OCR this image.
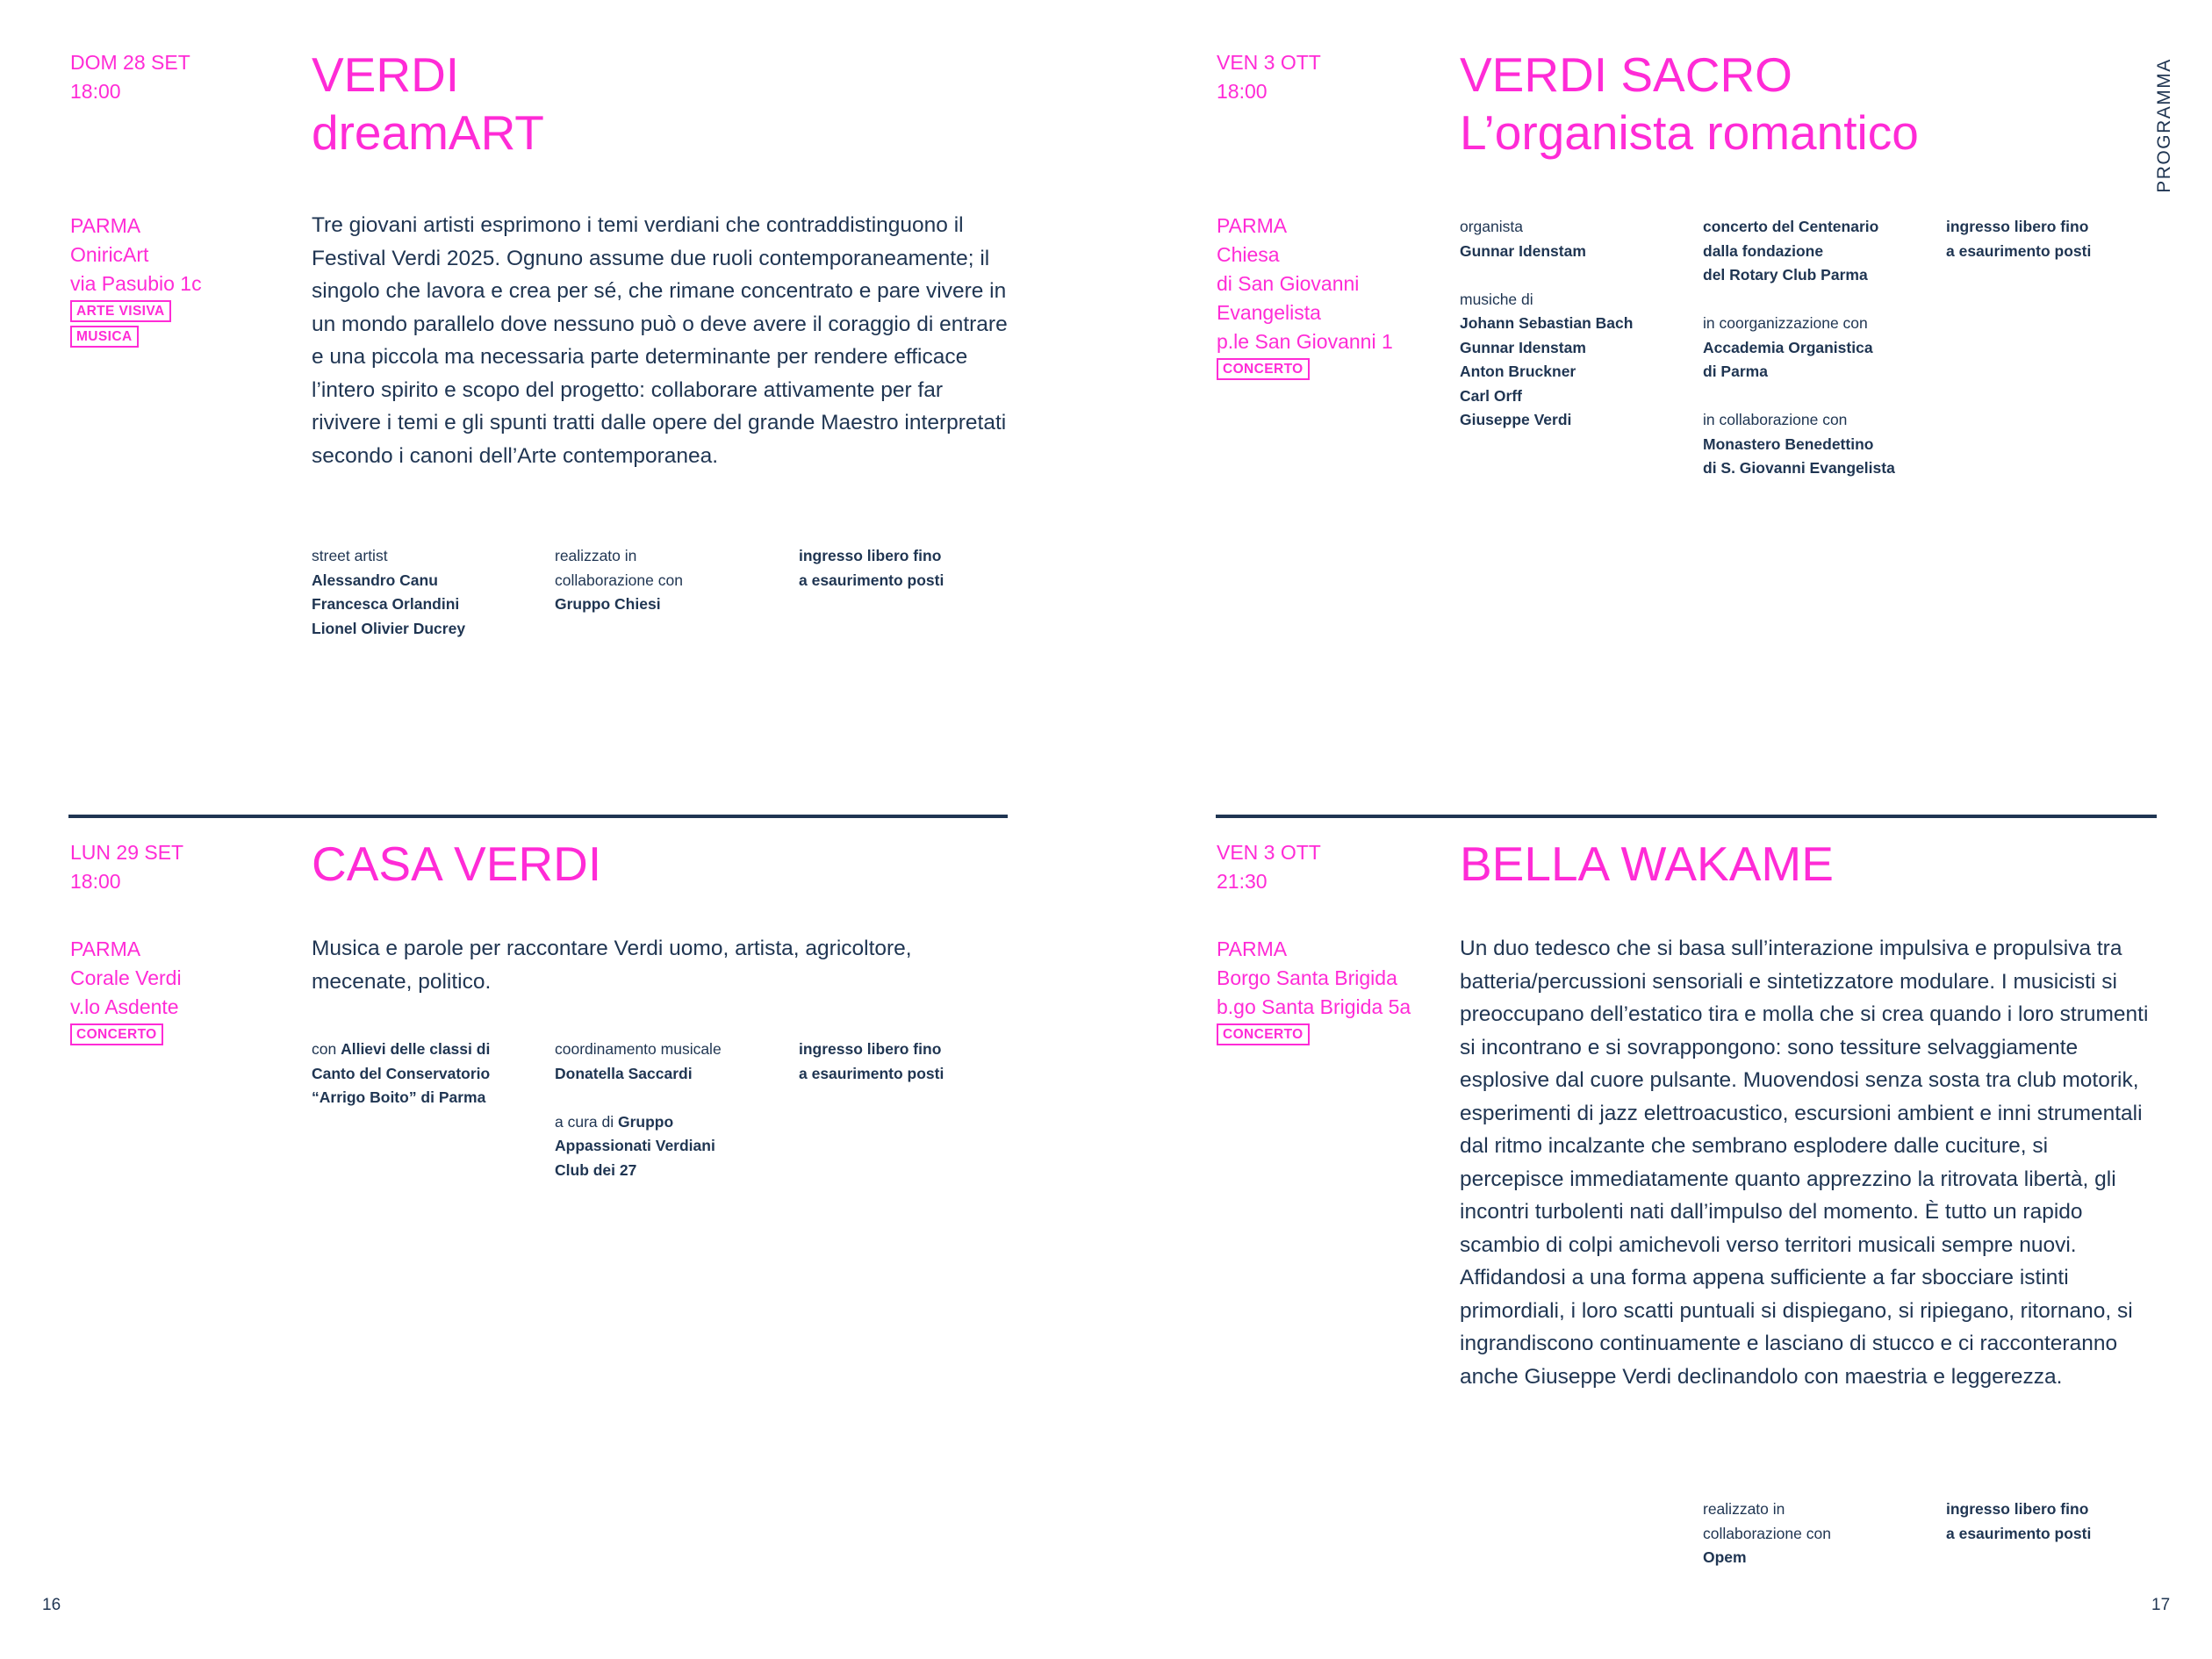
PROGRAMMA
16	17
DOM 28 SET
18:00	VERDI
dreamART
PARMA
OniricArt
via Pasubio 1c
ARTE VISIVA
MUSICA

Tre giovani artisti esprimono i temi verdiani che contraddistinguono il Festival Verdi 2025. Ognuno assume due ruoli contemporaneamente; il singolo che lavora e crea per sé, che rimane concentrato e pare vivere in un mondo parallelo dove nessuno può o deve avere il coraggio di entrare e una piccola ma necessaria parte determinante per rendere efficace l’intero spirito e scopo del progetto: collaborare attivamente per far rivivere i temi e gli spunti tratti dalle opere del grande Maestro interpretati secondo i canoni dell’Arte contemporanea.

street artist
Alessandro Canu
Francesca Orlandini
Lionel Olivier Ducrey
realizzato in
collaborazione con
Gruppo Chiesi
ingresso libero fino
a esaurimento posti
VEN 3 OTT
18:00	VERDI SACRO
L’organista romantico
PARMA
Chiesa
di San Giovanni
Evangelista
p.le San Giovanni 1
CONCERTO
organista
Gunnar Idenstam
musiche di
Johann Sebastian Bach
Gunnar Idenstam
Anton Bruckner
Carl Orff
Giuseppe Verdi
concerto del Centenario
dalla fondazione
del Rotary Club Parma
in coorganizzazione con
Accademia Organistica
di Parma
in collaborazione con
Monastero Benedettino
di S. Giovanni Evangelista
ingresso libero fino
a esaurimento posti
LUN 29 SET
18:00	CASA VERDI
PARMA
Corale Verdi
v.lo Asdente
CONCERTO

Musica e parole per raccontare Verdi uomo, artista, agricoltore, mecenate, politico.

con Allievi delle classi di
Canto del Conservatorio
“Arrigo Boito” di Parma
coordinamento musicale
Donatella Saccardi
a cura di Gruppo
Appassionati Verdiani
Club dei 27
ingresso libero fino
a esaurimento posti
VEN 3 OTT
21:30	BELLA WAKAME
PARMA
Borgo Santa Brigida
b.go Santa Brigida 5a
CONCERTO

Un duo tedesco che si basa sull’interazione impulsiva e propulsiva tra batteria/percussioni sensoriali e sintetizzatore modulare. I musicisti si preoccupano dell’estatico tira e molla che si crea quando i loro strumenti si incontrano e si sovrappongono: sono tessiture selvaggiamente esplosive dal cuore pulsante. Muovendosi senza sosta tra club motorik, esperimenti di jazz elettroacustico, escursioni ambient e inni strumentali dal ritmo incalzante che sembrano esplodere dalle cuciture, si percepisce immediatamente quanto apprezzino la ritrovata libertà, gli incontri turbolenti nati dall’impulso del momento. È tutto un rapido scambio di colpi amichevoli verso territori musicali sempre nuovi. Affidandosi a una forma appena sufficiente a far sbocciare istinti primordiali, i loro scatti puntuali si dispiegano, si ripiegano, ritornano, si ingrandiscono continuamente e lasciano di stucco e ci racconteranno anche Giuseppe Verdi declinandolo con maestria e leggerezza.

realizzato in
collaborazione con
Opem
ingresso libero fino
a esaurimento posti
